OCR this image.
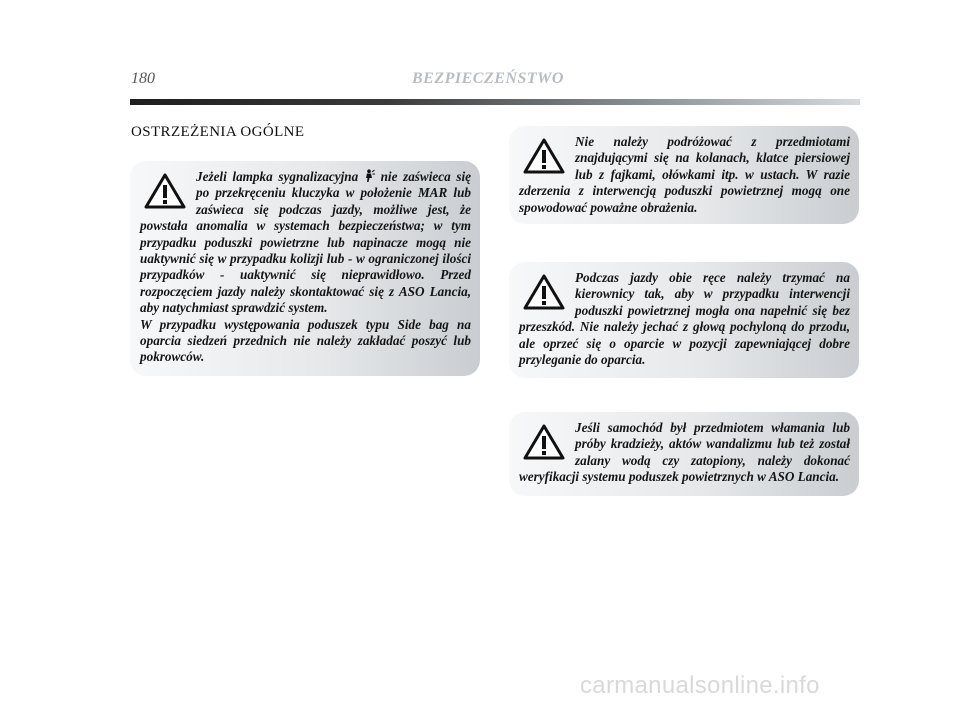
180	BEZPIECZEŃSTWO
OSTRZEŻENIA OGÓLNE

Jeżeli lampka sygnalizacyjna  nie zaświeca się po przekręceniu kluczyka w położenie MAR lub zaświeca się podczas jazdy, możliwe jest, że powstała anomalia w systemach bezpieczeństwa; w tym przypadku poduszki powietrzne lub napinacze mogą nie uaktywnić się w przypadku kolizji lub - w ograniczonej ilości przypadków - uaktywnić się nieprawidłowo. Przed rozpoczęciem jazdy należy skontaktować się z ASO Lancia, aby natychmiast sprawdzić system.
W przypadku występowania poduszek typu Side bag na oparcia siedzeń przednich nie należy zakładać poszyć lub pokrowców.

Nie należy podróżować z przedmiotami znajdującymi się na kolanach, klatce piersiowej lub z fajkami, ołówkami itp. w ustach. W razie zderzenia z interwencją poduszki powietrznej mogą one spowodować poważne obrażenia.

Podczas jazdy obie ręce należy trzymać na kierownicy tak, aby w przypadku interwencji poduszki powietrznej mogła ona napełnić się bez przeszkód. Nie należy jechać z głową pochyloną do przodu, ale oprzeć się o oparcie w pozycji zapewniającej dobre przyleganie do oparcia.

Jeśli samochód był przedmiotem włamania lub próby kradzieży, aktów wandalizmu lub też został zalany wodą czy zatopiony, należy dokonać weryfikacji systemu poduszek powietrznych w ASO Lancia.

carmanualsonline.info
